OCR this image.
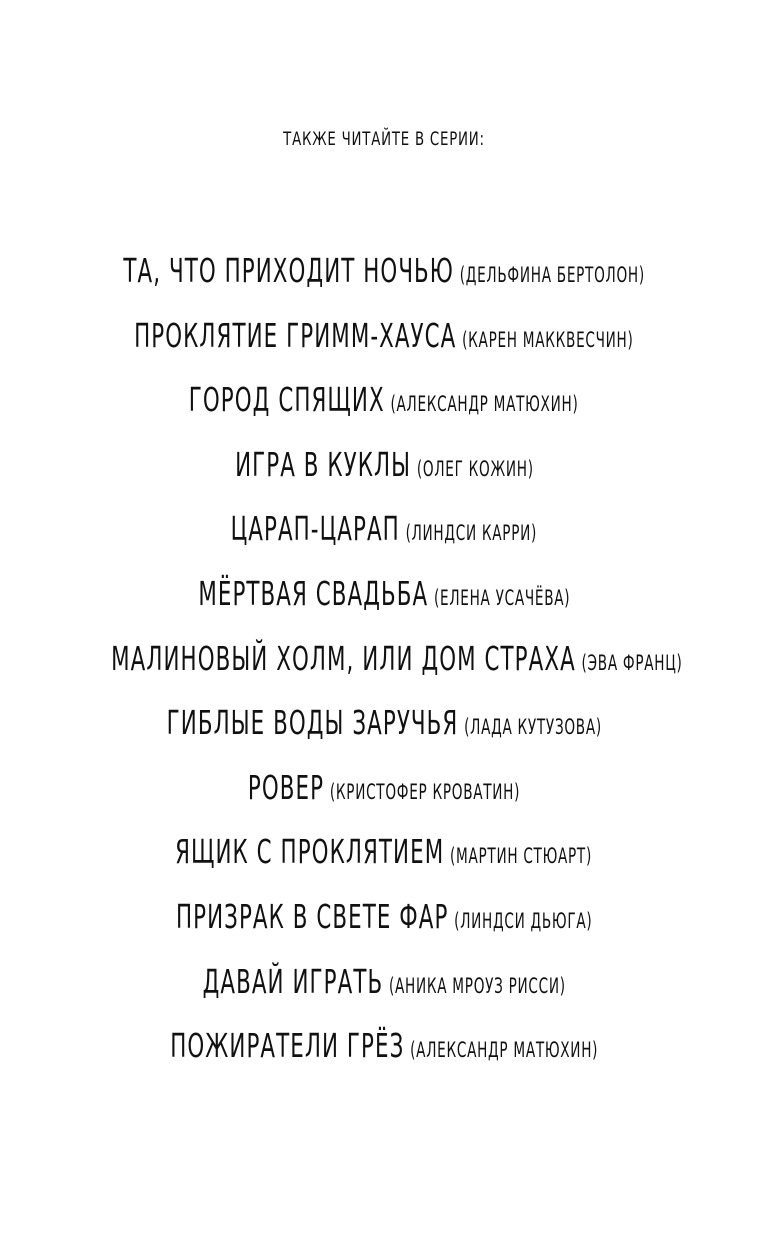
ТАКЖЕ ЧИТАЙТЕ В СЕРИИ:
ТА, ЧТО ПРИХОДИТ НОЧЬЮ (ДЕЛЬФИНА БЕРТОЛОН)
ПРОКЛЯТИЕ ГРИММ-ХАУСА (КАРЕН МАККВЕСЧИН)
ГОРОД СПЯЩИХ (АЛЕКСАНДР МАТЮХИН)
ИГРА В КУКЛЫ (ОЛЕГ КОЖИН)
ЦАРАП-ЦАРАП (ЛИНДСИ КАРРИ)
МЁРТВАЯ СВАДЬБА (ЕЛЕНА УСАЧЁВА)
МАЛИНОВЫЙ ХОЛМ, ИЛИ ДОМ СТРАХА (ЭВА ФРАНЦ)
ГИБЛЫЕ ВОДЫ ЗАРУЧЬЯ (ЛАДА КУТУЗОВА)
РОВЕР (КРИСТОФЕР КРОВАТИН)
ЯЩИК С ПРОКЛЯТИЕМ (МАРТИН СТЮАРТ)
ПРИЗРАК В СВЕТЕ ФАР (ЛИНДСИ ДЬЮГА)
ДАВАЙ ИГРАТЬ (АНИКА МРОУЗ РИССИ)
ПОЖИРАТЕЛИ ГРЁЗ (АЛЕКСАНДР МАТЮХИН)
